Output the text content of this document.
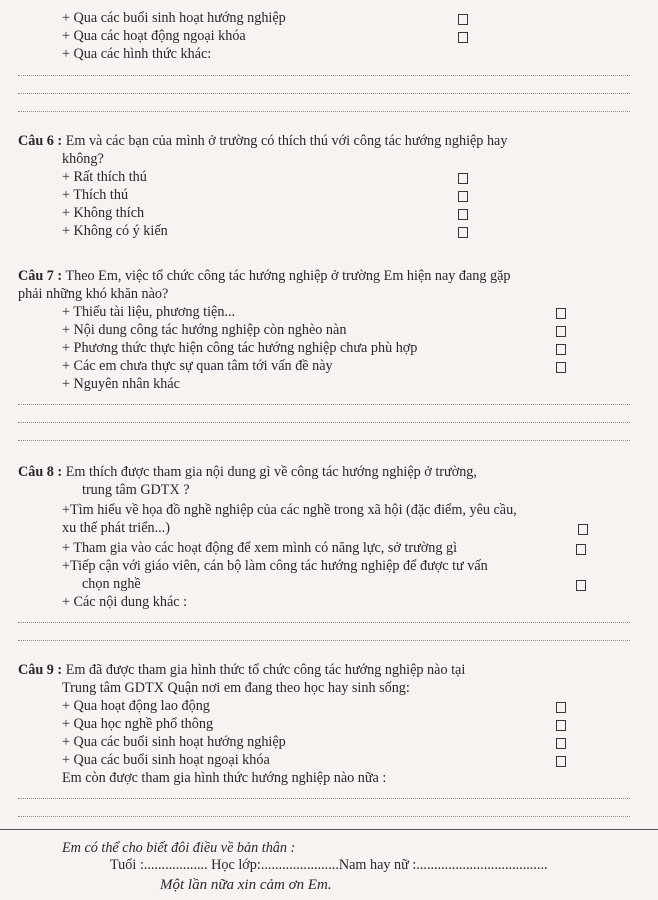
+ Qua các buổi sinh hoạt hướng nghiệp
+ Qua các hoạt động ngoại khóa
+ Qua các hình thức khác:
Câu 6 : Em và các bạn của mình ở trường có thích thú với công tác hướng nghiệp hay
không?
+ Rất thích thú
+ Thích thú
+ Không thích
+ Không có ý kiến
Câu 7 : Theo Em, việc tổ chức công tác hướng nghiệp ở trường Em hiện nay đang gặp
phải những khó khăn nào?
+ Thiếu tài liệu, phương tiện...
+ Nội dung công tác hướng nghiệp còn nghèo nàn
+ Phương thức thực hiện công tác hướng nghiệp chưa phù hợp
+ Các em chưa thực sự quan tâm tới vấn đề này
+ Nguyên nhân khác
Câu 8 : Em thích được tham gia nội dung gì về công tác hướng nghiệp ở trường,
trung tâm GDTX ?
+Tìm hiểu về họa đồ nghề nghiệp của các nghề trong xã hội (đặc điểm, yêu cầu,
xu thế phát triển...)
+ Tham gia vào các hoạt động để xem mình có năng lực, sở trường gì
+Tiếp cận với giáo viên, cán bộ làm công tác hướng nghiệp để được tư vấn
chọn nghề
+ Các nội dung khác :
Câu 9 : Em đã được tham gia hình thức tổ chức công tác hướng nghiệp nào tại
Trung tâm GDTX Quận nơi em đang theo học hay sinh sống:
+ Qua hoạt động lao động
+ Qua học nghề phổ thông
+ Qua các buổi sinh hoạt hướng nghiệp
+ Qua các buổi sinh hoạt ngoại khóa
Em còn được tham gia hình thức hướng nghiệp nào nữa :
Em có thể cho biết đôi điều về bản thân :
Tuổi :.................. Học lớp:......................Nam hay nữ :.....................................
Một lần nữa xin cảm ơn Em.
